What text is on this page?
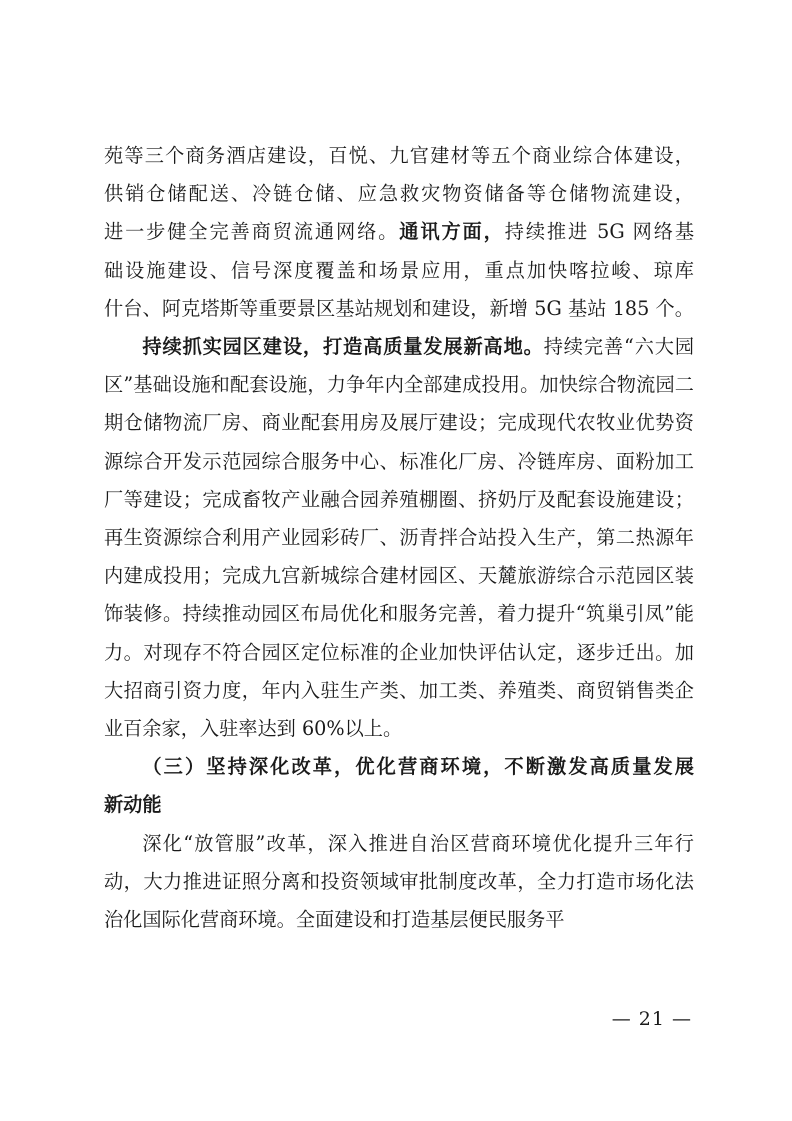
苑等三个商务酒店建设，百悦、九官建材等五个商业综合体建设，
供销仓储配送、冷链仓储、应急救灾物资储备等仓储物流建设，
进一步健全完善商贸流通网络。通讯方面，持续推进 5G 网络基
础设施建设、信号深度覆盖和场景应用，重点加快喀拉峻、琼库
什台、阿克塔斯等重要景区基站规划和建设，新增 5G 基站 185 个。

持续抓实园区建设，打造高质量发展新高地。持续完善“六大园区”基础设施和配套设施，力争年内全部建成投用。加快综合物流园二期仓储物流厂房、商业配套用房及展厅建设；完成现代农牧业优势资源综合开发示范园综合服务中心、标准化厂房、冷链库房、面粉加工厂等建设；完成畜牧产业融合园养殖棚圈、挤奶厅及配套设施建设；再生资源综合利用产业园彩砖厂、沥青拌合站投入生产，第二热源年内建成投用；完成九宫新城综合建材园区、天麓旅游综合示范园区装饰装修。持续推动园区布局优化和服务完善，着力提升“筑巢引凤”能力。对现存不符合园区定位标准的企业加快评估认定，逐步迁出。加大招商引资力度，年内入驻生产类、加工类、养殖类、商贸销售类企业百余家，入驻率达到 60%以上。

（三）坚持深化改革，优化营商环境，不断激发高质量发展
新动能

深化“放管服”改革，深入推进自治区营商环境优化提升三年行动，大力推进证照分离和投资领域审批制度改革，全力打造市场化法治化国际化营商环境。全面建设和打造基层便民服务平

— 21 —
